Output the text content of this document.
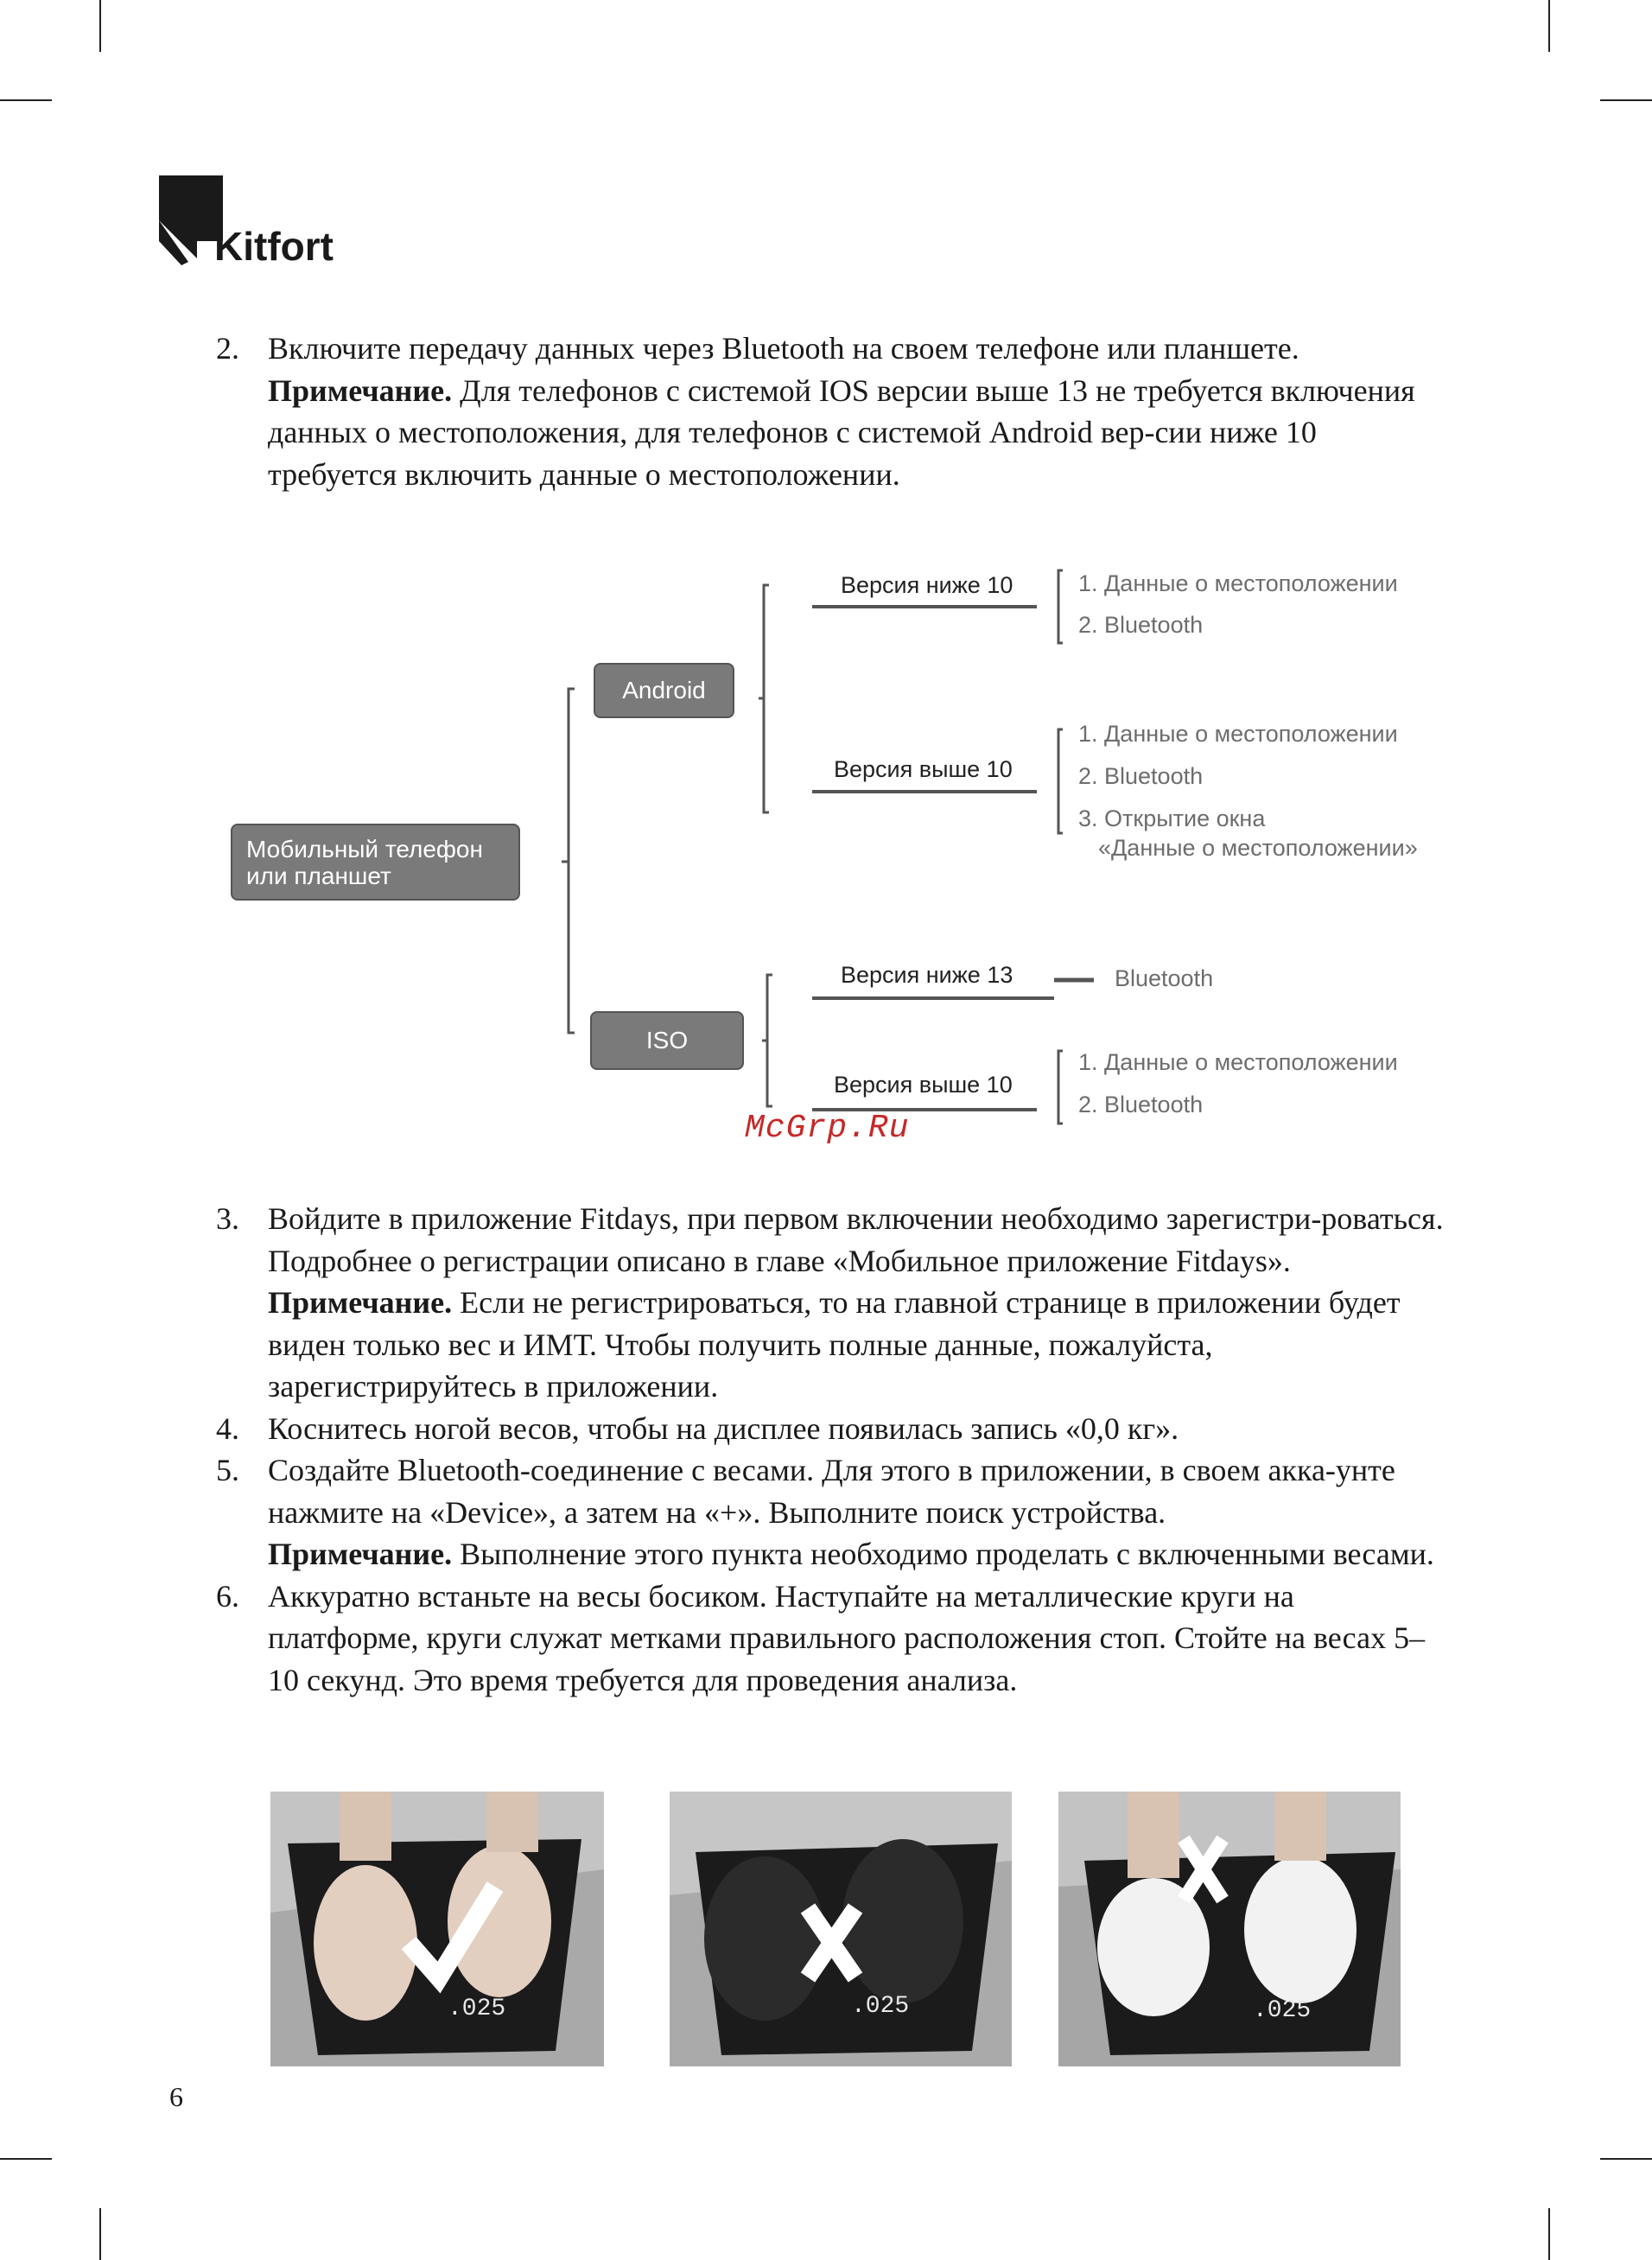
Kitfort
2. Включите передачу данных через Bluetooth на своем телефоне или планшете.
Примечание. Для телефонов с системой IOS версии выше 13 не требуется включения данных о местоположения, для телефонов с системой Android вер-сии ниже 10 требуется включить данные о местоположении.

Мобильный телефон
или планшет
Android
ISO
Версия ниже 10	1. Данные о местоположении
2. Bluetooth
Версия выше 10
1. Данные о местоположении
2. Bluetooth
3. Открытие окна
«Данные о местоположении»
Версия ниже 13	Bluetooth
Версия выше 10
1. Данные о местоположении
2. Bluetooth
McGrp.Ru
3. Войдите в приложение Fitdays, при первом включении необходимо зарегистри-роваться. Подробнее о регистрации описано в главе «Мобильное приложение Fitdays».
Примечание. Если не регистрироваться, то на главной странице в приложении будет виден только вес и ИМТ. Чтобы получить полные данные, пожалуйста, зарегистрируйтесь в приложении.

4. Коснитесь ногой весов, чтобы на дисплее появилась запись «0,0 кг».

5. Создайте Bluetooth-соединение с весами. Для этого в приложении, в своем акка-унте нажмите на «Device», а затем на «+». Выполните поиск устройства.
Примечание. Выполнение этого пункта необходимо проделать с включенными весами.

6. Аккуратно встаньте на весы босиком. Наступайте на металлические круги на платформе, круги служат метками правильного расположения стоп. Стойте на весах 5–10 секунд. Это время требуется для проведения анализа.

.025	.025	.025
6
